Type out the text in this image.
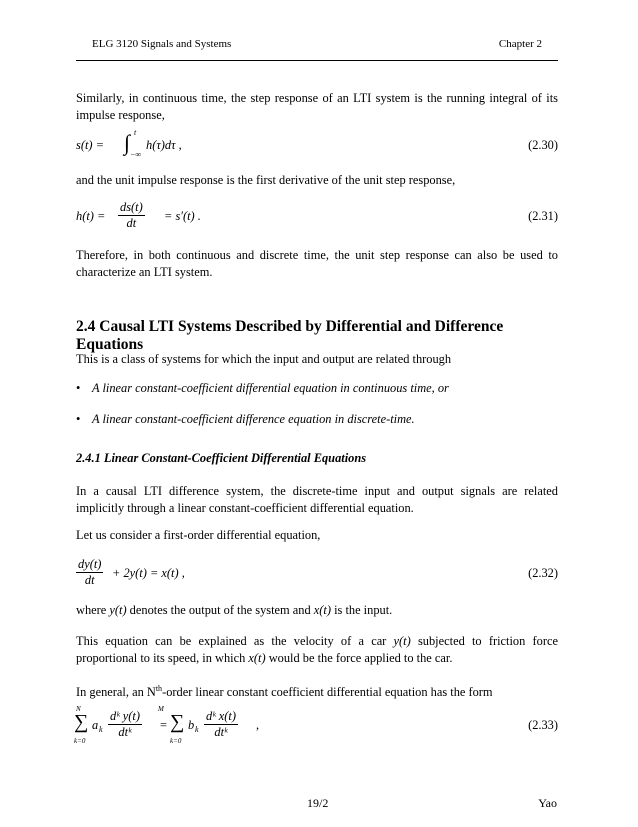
ELG 3120 Signals and Systems	Chapter 2
Similarly, in continuous time, the step response of an LTI system is the running integral of its impulse response,
s(t) = ∫ t
−∞
h(τ)dτ ,	(2.30)
and the unit impulse response is the first derivative of the unit step response,
$h(t) = \frac{ds(t)}{dt} = s'(t)$ .	(2.31)
Therefore, in both continuous and discrete time, the unit step response can also be used to characterize an LTI system.
2.4 Causal LTI Systems Described by Differential and Difference Equations
This is a class of systems for which the input and output are related through
• A linear constant-coefficient differential equation in continuous time, or
• A linear constant-coefficient difference equation in discrete-time.
2.4.1 Linear Constant-Coefficient Differential Equations
In a causal LTI difference system, the discrete-time input and output signals are related implicitly through a linear constant-coefficient differential equation.
Let us consider a first-order differential equation,
$\frac{dy(t)}{dt} + 2y(t) = x(t)$ ,	(2.32)
where y(t) denotes the output of the system and x(t) is the input.
This equation can be explained as the velocity of a car y(t) subjected to friction force proportional to its speed, in which x(t) would be the force applied to the car.
In general, an $N^{th}$-order linear constant coefficient differential equation has the form
N
∑
k=0
a k
dᵏ y(t)
dtᵏ	=
M
∑
k=0
b k
dᵏ x(t)
dtᵏ	,	(2.33)
19/2	Yao
